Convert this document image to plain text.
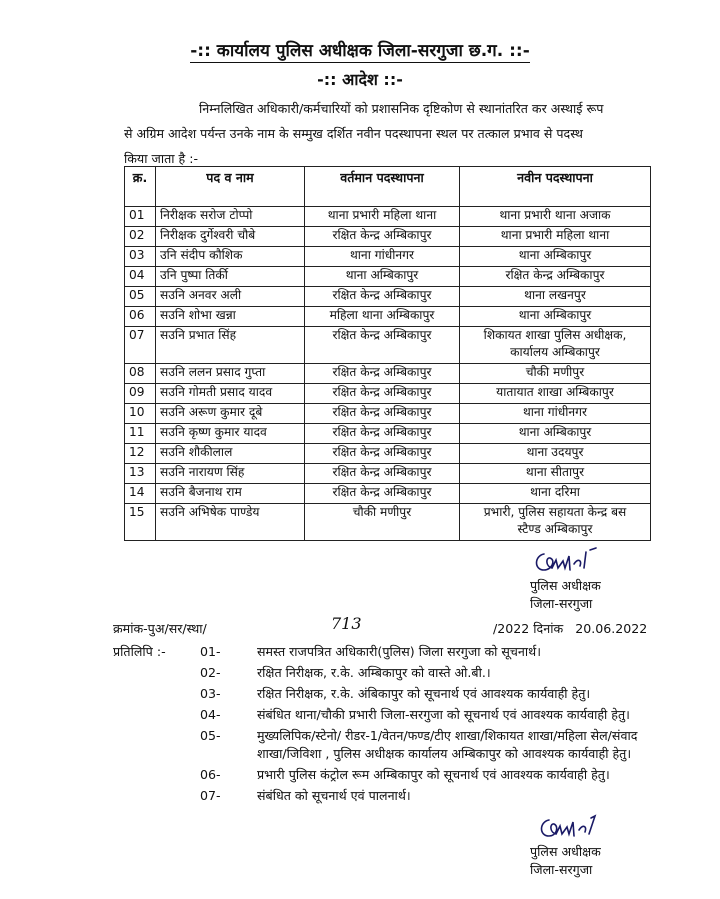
-:: कार्यालय पुलिस अधीक्षक जिला-सरगुजा छ.ग. ::-
-:: आदेश ::-
निम्नलिखित अधिकारी/कर्मचारियों को प्रशासनिक दृष्टिकोण से स्थानांतरित कर अस्थाई रूप
से अग्रिम आदेश पर्यन्त उनके नाम के सम्मुख दर्शित नवीन पदस्थापना स्थल पर तत्काल प्रभाव से पदस्थ
किया जाता है :-
क्र.	पद व नाम	वर्तमान पदस्थापना	नवीन पदस्थापना
01	निरीक्षक सरोज टोप्पो	थाना प्रभारी महिला थाना	थाना प्रभारी थाना अजाक
02	निरीक्षक दुर्गेश्वरी चौबे	रक्षित केन्द्र अम्बिकापुर	थाना प्रभारी महिला थाना
03	उनि संदीप कौशिक	थाना गांधीनगर	थाना अम्बिकापुर
04	उनि पुष्पा तिर्की	थाना अम्बिकापुर	रक्षित केन्द्र अम्बिकापुर
05	सउनि अनवर अली	रक्षित केन्द्र अम्बिकापुर	थाना लखनपुर
06	सउनि शोभा खन्ना	महिला थाना अम्बिकापुर	थाना अम्बिकापुर
07	सउनि प्रभात सिंह	रक्षित केन्द्र अम्बिकापुर	शिकायत शाखा पुलिस अधीक्षक,
कार्यालय अम्बिकापुर
08	सउनि ललन प्रसाद गुप्ता	रक्षित केन्द्र अम्बिकापुर	चौकी मणीपुर
09	सउनि गोमती प्रसाद यादव	रक्षित केन्द्र अम्बिकापुर	यातायात शाखा अम्बिकापुर
10	सउनि अरूण कुमार दूबे	रक्षित केन्द्र अम्बिकापुर	थाना गांधीनगर
11	सउनि कृष्ण कुमार यादव	रक्षित केन्द्र अम्बिकापुर	थाना अम्बिकापुर
12	सउनि शौकीलाल	रक्षित केन्द्र अम्बिकापुर	थाना उदयपुर
13	सउनि नारायण सिंह	रक्षित केन्द्र अम्बिकापुर	थाना सीतापुर
14	सउनि बैजनाथ राम	रक्षित केन्द्र अम्बिकापुर	थाना दरिमा
15	सउनि अभिषेक पाण्डेय	चौकी मणीपुर	प्रभारी, पुलिस सहायता केन्द्र बस
स्टैण्ड अम्बिकापुर
पुलिस अधीक्षक
जिला-सरगुजा
क्रमांक-पुअ/सर/स्था/	713	/2022 दिनांक 20.06.2022
प्रतिलिपि :-	01-	समस्त राजपत्रित अधिकारी(पुलिस) जिला सरगुजा को सूचनार्थ।
02-	रक्षित निरीक्षक, र.के. अम्बिकापुर को वास्ते ओ.बी.।
03-	रक्षित निरीक्षक, र.के. अंबिकापुर को सूचनार्थ एवं आवश्यक कार्यवाही हेतु।
04-	संबंधित थाना/चौकी प्रभारी जिला-सरगुजा को सूचनार्थ एवं आवश्यक कार्यवाही हेतु।
05-	मुख्यलिपिक/स्टेनो/ रीडर-1/वेतन/फण्ड/टीए शाखा/शिकायत शाखा/महिला सेल/संवाद शाखा/जिविशा , पुलिस अधीक्षक कार्यालय अम्बिकापुर को आवश्यक कार्यवाही हेतु।
06-	प्रभारी पुलिस कंट्रोल रूम अम्बिकापुर को सूचनार्थ एवं आवश्यक कार्यवाही हेतु।
07-	संबंधित को सूचनार्थ एवं पालनार्थ।
पुलिस अधीक्षक
जिला-सरगुजा
